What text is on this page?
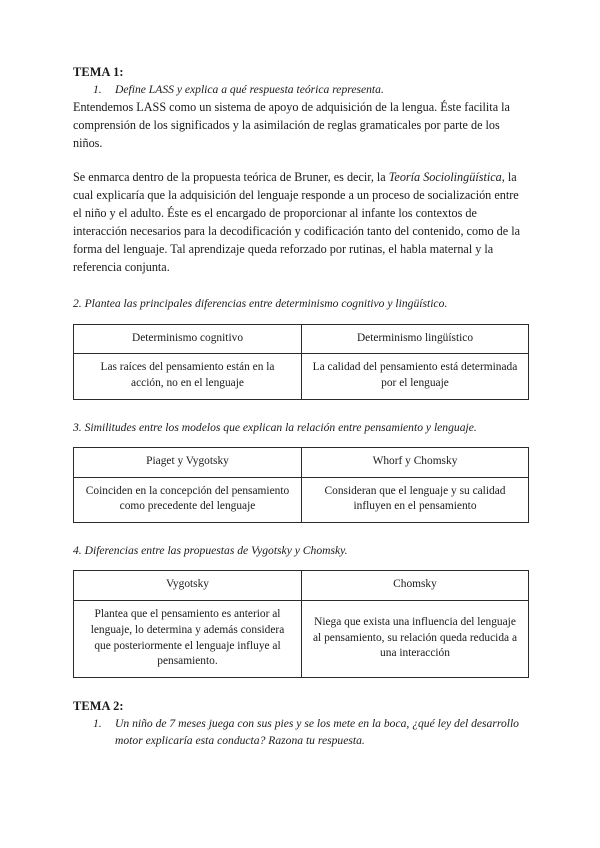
TEMA 1:
1.	Define LASS y explica a qué respuesta teórica representa.

Entendemos LASS como un sistema de apoyo de adquisición de la lengua. Éste facilita la comprensión de los significados y la asimilación de reglas gramaticales por parte de los niños.

Se enmarca dentro de la propuesta teórica de Bruner, es decir, la Teoría Sociolingüística, la cual explicaría que la adquisición del lenguaje responde a un proceso de socialización entre el niño y el adulto. Éste es el encargado de proporcionar al infante los contextos de interacción necesarios para la decodificación y codificación tanto del contenido, como de la forma del lenguaje. Tal aprendizaje queda reforzado por rutinas, el habla maternal y la referencia conjunta.

2. Plantea las principales diferencias entre determinismo cognitivo y lingüístico.

Determinismo cognitivo	Determinismo lingüístico
Las raíces del pensamiento están en la acción, no en el lenguaje	La calidad del pensamiento está determinada por el lenguaje

3. Similitudes entre los modelos que explican la relación entre pensamiento y lenguaje.

Piaget y Vygotsky	Whorf y Chomsky
Coinciden en la concepción del pensamiento como precedente del lenguaje	Consideran que el lenguaje y su calidad influyen en el pensamiento

4. Diferencias entre las propuestas de Vygotsky y Chomsky.

Vygotsky	Chomsky
Plantea que el pensamiento es anterior al lenguaje, lo determina y además considera que posteriormente el lenguaje influye al pensamiento.	Niega que exista una influencia del lenguaje al pensamiento, su relación queda reducida a una interacción
TEMA 2:
1.	Un niño de 7 meses juega con sus pies y se los mete en la boca, ¿qué ley del desarrollo motor explicaría esta conducta? Razona tu respuesta.
